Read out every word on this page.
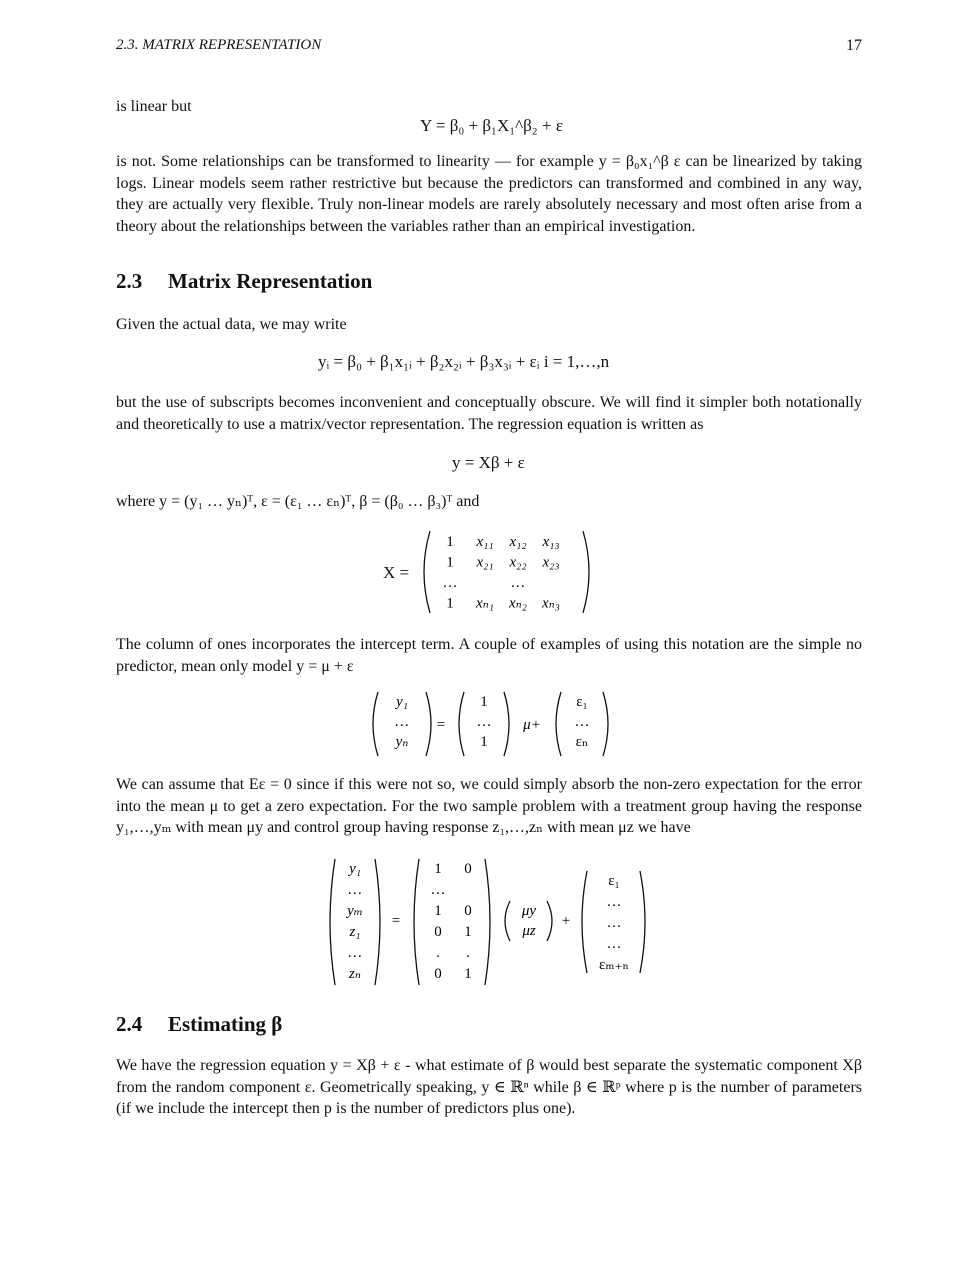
2.3. MATRIX REPRESENTATION	17
is linear but
Y = β₀ + β₁X₁^β₂ + ε
is not. Some relationships can be transformed to linearity — for example y = β₀x₁^β ε can be linearized by taking logs. Linear models seem rather restrictive but because the predictors can transformed and combined in any way, they are actually very flexible. Truly non-linear models are rarely absolutely necessary and most often arise from a theory about the relationships between the variables rather than an empirical investigation.
2.3 Matrix Representation
Given the actual data, we may write
yᵢ = β₀ + β₁x₁ᵢ + β₂x₂ᵢ + β₃x₃ᵢ + εᵢ i = 1,…,n
but the use of subscripts becomes inconvenient and conceptually obscure. We will find it simpler both notationally and theoretically to use a matrix/vector representation. The regression equation is written as
y = Xβ + ε
where y = (y₁ … yₙ)ᵀ, ε = (ε₁ … εₙ)ᵀ, β = (β₀ … β₃)ᵀ and
X =
1 x₁₁ x₁₂ x₁₃
1 x₂₁ x₂₂ x₂₃
…	…
1 xₙ₁ xₙ₂ xₙ₃
The column of ones incorporates the intercept term. A couple of examples of using this notation are the simple no predictor, mean only model y = μ + ε
y₁
…
yₙ
=
1
…
1
μ+
ε₁
…
εₙ
We can assume that Eε = 0 since if this were not so, we could simply absorb the non-zero expectation for the error into the mean μ to get a zero expectation. For the two sample problem with a treatment group having the response y₁,…,yₘ with mean μy and control group having response z₁,…,zₙ with mean μz we have
y₁
…
yₘ
z₁
…
zₙ
=
1 0
…
1 0
0 1
. .
0 1
μy
μz
+
ε₁
…
…
…
εₘ₊ₙ
2.4 Estimating β
We have the regression equation y = Xβ + ε - what estimate of β would best separate the systematic component Xβ from the random component ε. Geometrically speaking, y ∈ ℝⁿ while β ∈ ℝᵖ where p is the number of parameters (if we include the intercept then p is the number of predictors plus one).
